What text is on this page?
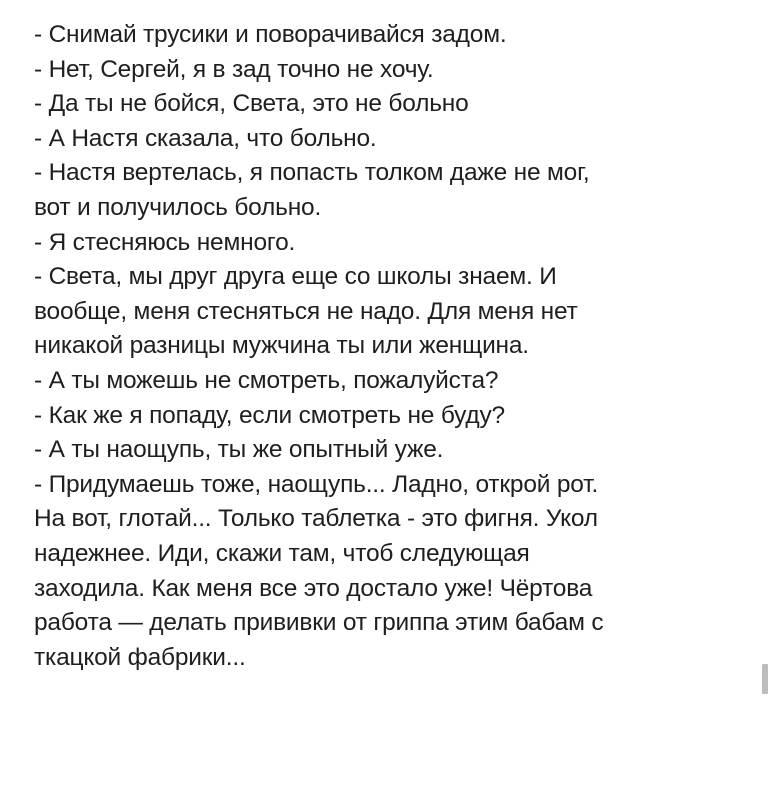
- Снимай трусики и поворачивайся задом.
- Нет, Сергей, я в зад точно не хочу.
- Да ты не бойся, Света, это не больно
- А Настя сказала, что больно.
- Настя вертелась, я попасть толком даже не мог,
вот и получилось больно.
- Я стесняюсь немного.
- Света, мы друг друга еще со школы знаем. И
вообще, меня стесняться не надо. Для меня нет
никакой разницы мужчина ты или женщина.
- А ты можешь не смотреть, пожалуйста?
- Как же я попаду, если смотреть не буду?
- А ты наощупь, ты же опытный уже.
- Придумаешь тоже, наощупь... Ладно, открой рот.
На вот, глотай... Только таблетка - это фигня. Укол
надежнее. Иди, скажи там, чтоб следующая
заходила. Как меня все это достало уже! Чёртова
работа — делать прививки от гриппа этим бабам с
ткацкой фабрики...
